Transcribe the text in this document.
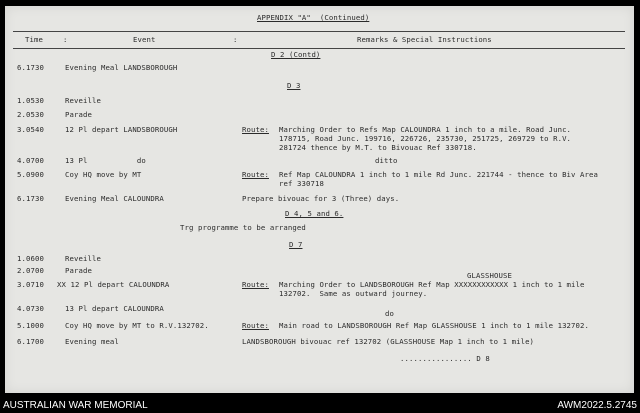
APPENDIX "A"  (Continued)
Time	:	Event	:	Remarks & Special Instructions
D 2 (Contd)
6.1730	Evening Meal LANDSBOROUGH
D 3
1.0530	Reveille
2.0530	Parade
3.0540	12 Pl depart LANDSBOROUGH	Route: Marching Order to Refs Map CALOUNDRA 1 inch to a mile. Road Junc.
178715, Road Junc. 199716, 226726, 235730, 251725, 269729 to R.V.
281724 thence by M.T. to Bivouac Ref 330718.
4.0700	13 Pl           do	ditto
5.0900	Coy HQ move by MT	Route: Ref Map CALOUNDRA 1 inch to 1 mile Rd Junc. 221744 - thence to Biv Area
ref 330718
6.1730	Evening Meal CALOUNDRA	Prepare bivouac for 3 (Three) days.
D 4, 5 and 6.
Trg programme to be arranged
D 7
1.0600	Reveille
2.0700	Parade
GLASSHOUSE
3.0710 XX 12 Pl depart CALOUNDRA	Route: Marching Order to LANDSBOROUGH Ref Map XXXXXXXXXXXX 1 inch to 1 mile
132702.  Same as outward journey.
4.0730	13 Pl depart CALOUNDRA
do
5.1000	Coy HQ move by MT to R.V.132702.	Route: Main road to LANDSBOROUGH Ref Map GLASSHOUSE 1 inch to 1 mile 132702.
6.1700	Evening meal	LANDSBOROUGH bivouac ref 132702 (GLASSHOUSE Map 1 inch to 1 mile)
................ D 8
AUSTRALIAN WAR MEMORIAL	AWM2022.5.2745
